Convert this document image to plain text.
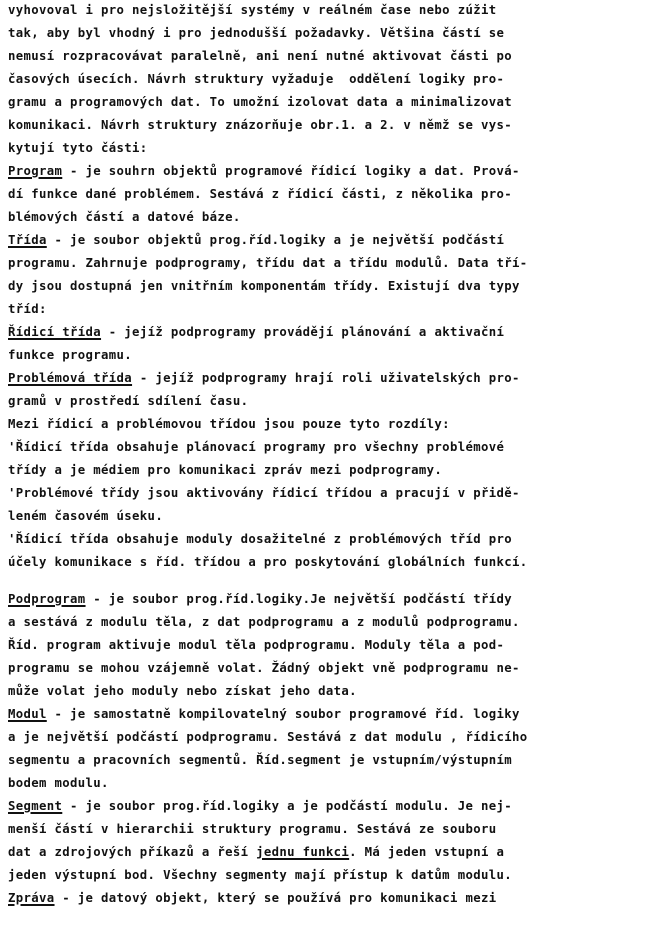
vyhovoval i pro nejsložitější systémy v reálném čase nebo zúžit
tak, aby byl vhodný i pro jednodušší požadavky. Většina částí se
nemusí rozpracovávat paralelně, ani není nutné aktivovat části po
časových úsecích. Návrh struktury vyžaduje  oddělení logiky pro-
gramu a programových dat. To umožní izolovat data a minimalizovat
komunikaci. Návrh struktury znázorňuje obr.1. a 2. v němž se vys-
kytují tyto části:
Program - je souhrn objektů programové řídicí logiky a dat. Prová-
dí funkce dané problémem. Sestává z řídicí části, z několika pro-
blémových částí a datové báze.
Třída - je soubor objektů prog.říd.logiky a je největší podčástí
programu. Zahrnuje podprogramy, třídu dat a třídu modulů. Data tří-
dy jsou dostupná jen vnitřním komponentám třídy. Existují dva typy
tříd:
Řídicí třída - jejíž podprogramy provádějí plánování a aktivační
funkce programu.
Problémová třída - jejíž podprogramy hrají roli uživatelských pro-
gramů v prostředí sdílení času.
Mezi řídicí a problémovou třídou jsou pouze tyto rozdíly:
'Řídicí třída obsahuje plánovací programy pro všechny problémové
třídy a je médiem pro komunikaci zpráv mezi podprogramy.
'Problémové třídy jsou aktivovány řídicí třídou a pracují v přidě-
leném časovém úseku.
'Řídicí třída obsahuje moduly dosažitelné z problémových tříd pro
účely komunikace s říd. třídou a pro poskytování globálních funkcí.
Podprogram - je soubor prog.říd.logiky.Je největší podčástí třídy
a sestává z modulu těla, z dat podprogramu a z modulů podprogramu.
Říd. program aktivuje modul těla podprogramu. Moduly těla a pod-
programu se mohou vzájemně volat. Žádný objekt vně podprogramu ne-
může volat jeho moduly nebo získat jeho data.
Modul - je samostatně kompilovatelný soubor programové říd. logiky
a je největší podčástí podprogramu. Sestává z dat modulu , řídicího
segmentu a pracovních segmentů. Říd.segment je vstupním/výstupním
bodem modulu.
Segment - je soubor prog.říd.logiky a je podčástí modulu. Je nej-
menší částí v hierarchii struktury programu. Sestává ze souboru
dat a zdrojových příkazů a řeší jednu funkci. Má jeden vstupní a
jeden výstupní bod. Všechny segmenty mají přístup k datům modulu.
Zpráva - je datový objekt, který se používá pro komunikaci mezi
